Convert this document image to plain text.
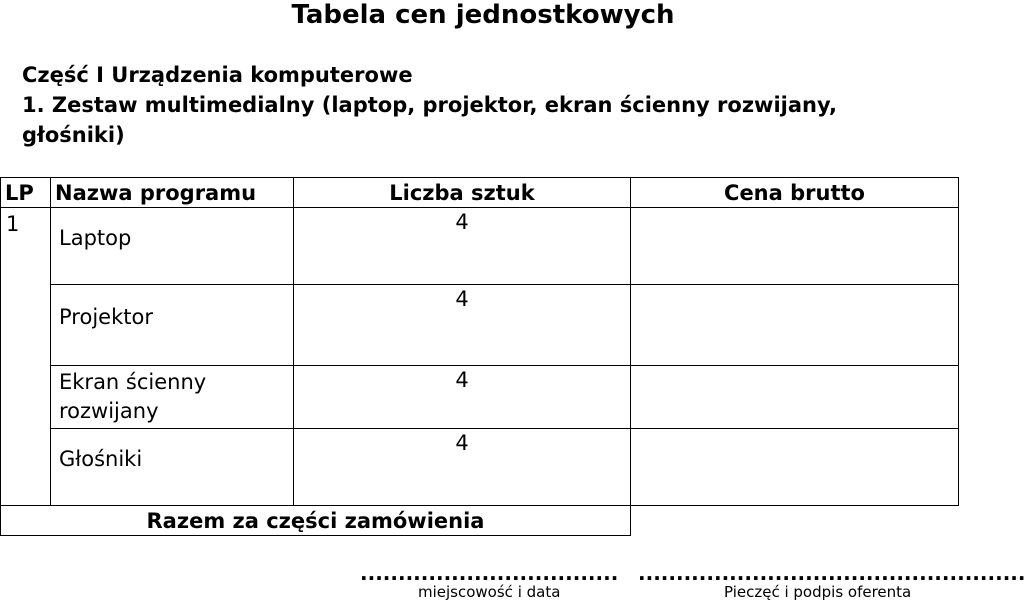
Tabela cen jednostkowych
Część I Urządzenia komputerowe
1. Zestaw multimedialny (laptop, projektor, ekran ścienny rozwijany, głośniki)
LP	Nazwa programu	Liczba sztuk	Cena brutto
1	Laptop	4	
	Projektor	4	
	Ekran ścienny rozwijany	4	
	Głośniki	4	
Razem za części zamówienia			
..................................
miejscowość i data
...................................................
Pieczęć i podpis oferenta
